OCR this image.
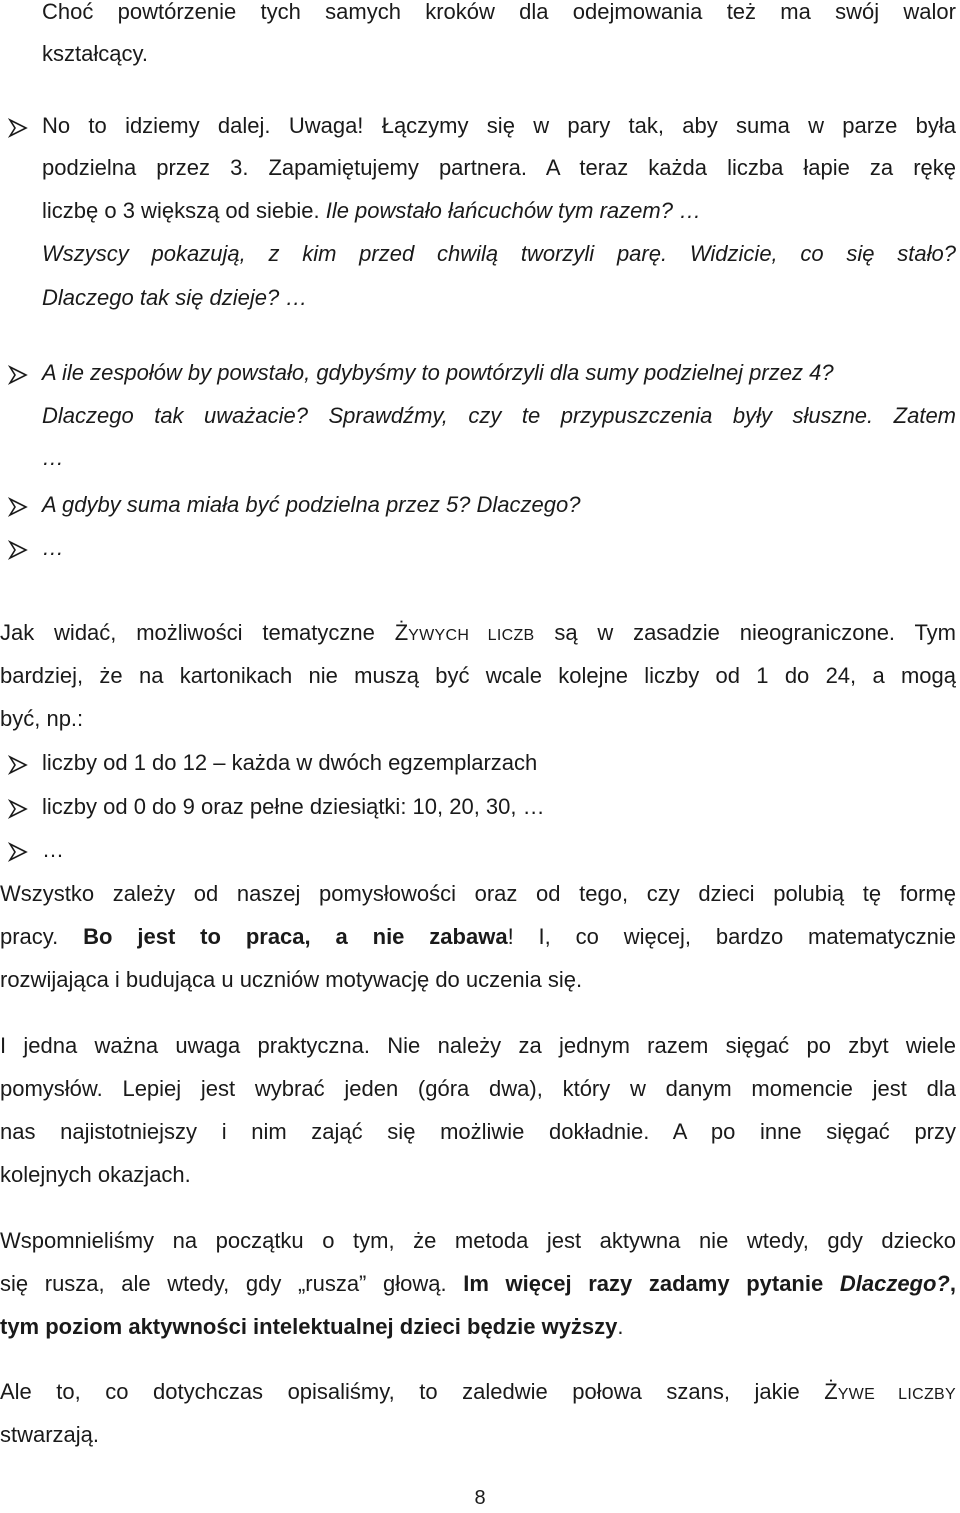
Choć powtórzenie tych samych kroków dla odejmowania też ma swój walor
kształcący.
No to idziemy dalej. Uwaga! Łączymy się w pary tak, aby suma w parze była
podzielna przez 3. Zapamiętujemy partnera. A teraz każda liczba łapie za rękę
liczbę o 3 większą od siebie. Ile powstało łańcuchów tym razem? …
Wszyscy pokazują, z kim przed chwilą tworzyli parę. Widzicie, co się stało?
Dlaczego tak się dzieje? …
A ile zespołów by powstało, gdybyśmy to powtórzyli dla sumy podzielnej przez 4?
Dlaczego tak uważacie? Sprawdźmy, czy te przypuszczenia były słuszne. Zatem
…
A gdyby suma miała być podzielna przez 5? Dlaczego?
…
Jak widać, możliwości tematyczne ŻYWYCH LICZB są w zasadzie nieograniczone. Tym
bardziej, że na kartonikach nie muszą być wcale kolejne liczby od 1 do 24, a mogą
być, np.:
liczby od 1 do 12 – każda w dwóch egzemplarzach
liczby od 0 do 9 oraz pełne dziesiątki: 10, 20, 30, …
…
Wszystko zależy od naszej pomysłowości oraz od tego, czy dzieci polubią tę formę
pracy. Bo jest to praca, a nie zabawa! I, co więcej, bardzo matematycznie
rozwijająca i budująca u uczniów motywację do uczenia się.
I jedna ważna uwaga praktyczna. Nie należy za jednym razem sięgać po zbyt wiele
pomysłów. Lepiej jest wybrać jeden (góra dwa), który w danym momencie jest dla
nas najistotniejszy i nim zająć się możliwie dokładnie. A po inne sięgać przy
kolejnych okazjach.
Wspomnieliśmy na początku o tym, że metoda jest aktywna nie wtedy, gdy dziecko
się rusza, ale wtedy, gdy „rusza” głową. Im więcej razy zadamy pytanie Dlaczego?,
tym poziom aktywności intelektualnej dzieci będzie wyższy.
Ale to, co dotychczas opisaliśmy, to zaledwie połowa szans, jakie ŻYWE LICZBY
stwarzają.
8
